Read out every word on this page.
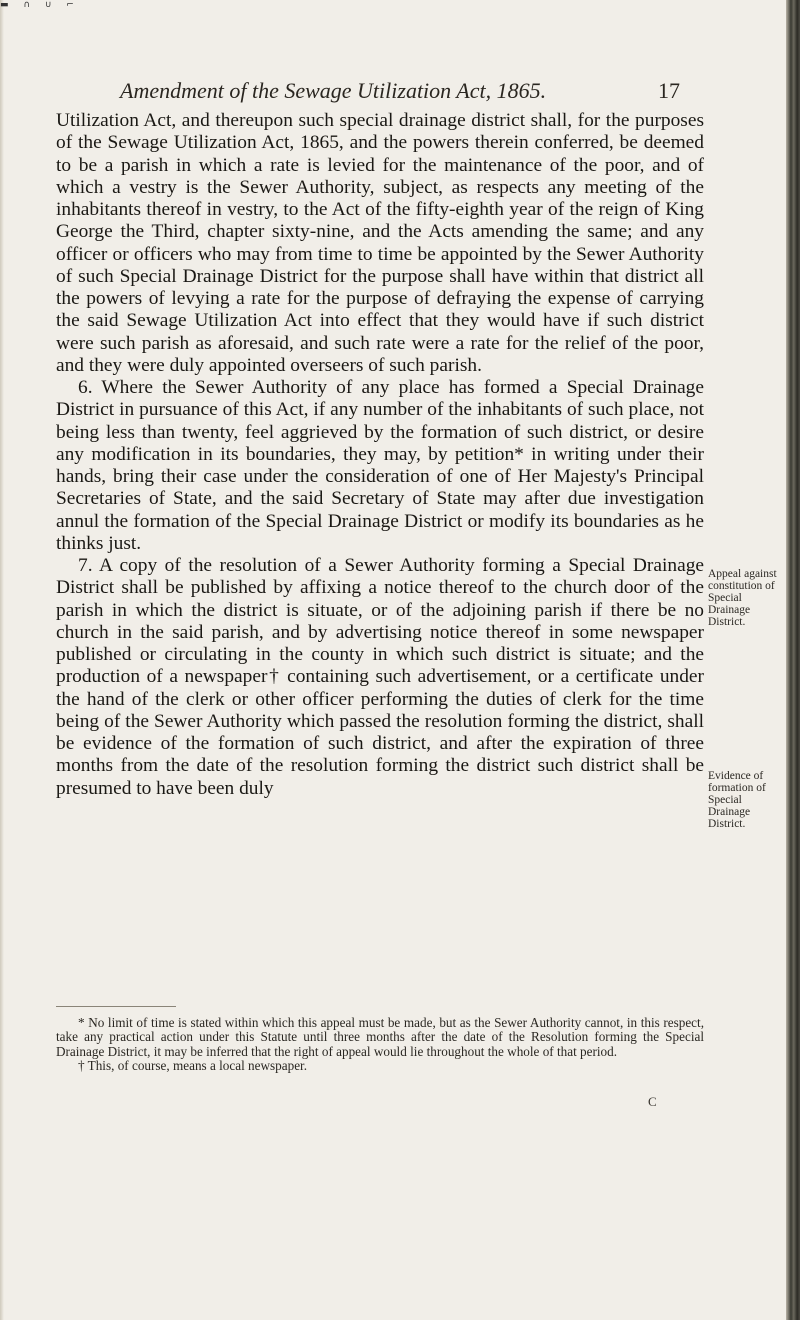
▬ ∩ ∪ ⌐
Amendment of the Sewage Utilization Act, 1865.	17

Utilization Act, and thereupon such special drainage district shall, for the purposes of the Sewage Utilization Act, 1865, and the powers therein conferred, be deemed to be a parish in which a rate is levied for the maintenance of the poor, and of which a vestry is the Sewer Authority, subject, as respects any meeting of the inhabitants thereof in vestry, to the Act of the fifty-eighth year of the reign of King George the Third, chapter sixty-nine, and the Acts amending the same; and any officer or officers who may from time to time be appointed by the Sewer Authority of such Special Drainage District for the purpose shall have within that district all the powers of levying a rate for the purpose of defraying the expense of carrying the said Sewage Utilization Act into effect that they would have if such district were such parish as aforesaid, and such rate were a rate for the relief of the poor, and they were duly appointed overseers of such parish.

6. Where the Sewer Authority of any place has formed a Special Drainage District in pursuance of this Act, if any number of the inhabitants of such place, not being less than twenty, feel aggrieved by the formation of such district, or desire any modification in its boundaries, they may, by petition* in writing under their hands, bring their case under the consideration of one of Her Majesty's Principal Secretaries of State, and the said Secretary of State may after due investigation annul the formation of the Special Drainage District or modify its boundaries as he thinks just.

7. A copy of the resolution of a Sewer Authority forming a Special Drainage District shall be published by affixing a notice thereof to the church door of the parish in which the district is situate, or of the adjoining parish if there be no church in the said parish, and by advertising notice thereof in some newspaper published or circulating in the county in which such district is situate; and the production of a newspaper† containing such advertisement, or a certificate under the hand of the clerk or other officer performing the duties of clerk for the time being of the Sewer Authority which passed the resolution forming the district, shall be evidence of the formation of such district, and after the expiration of three months from the date of the resolution forming the district such district shall be presumed to have been duly

Appeal against constitution of Special Drainage District.
Evidence of formation of Special Drainage District.

* No limit of time is stated within which this appeal must be made, but as the Sewer Authority cannot, in this respect, take any practical action under this Statute until three months after the date of the Resolution forming the Special Drainage District, it may be inferred that the right of appeal would lie throughout the whole of that period.

† This, of course, means a local newspaper.

C
